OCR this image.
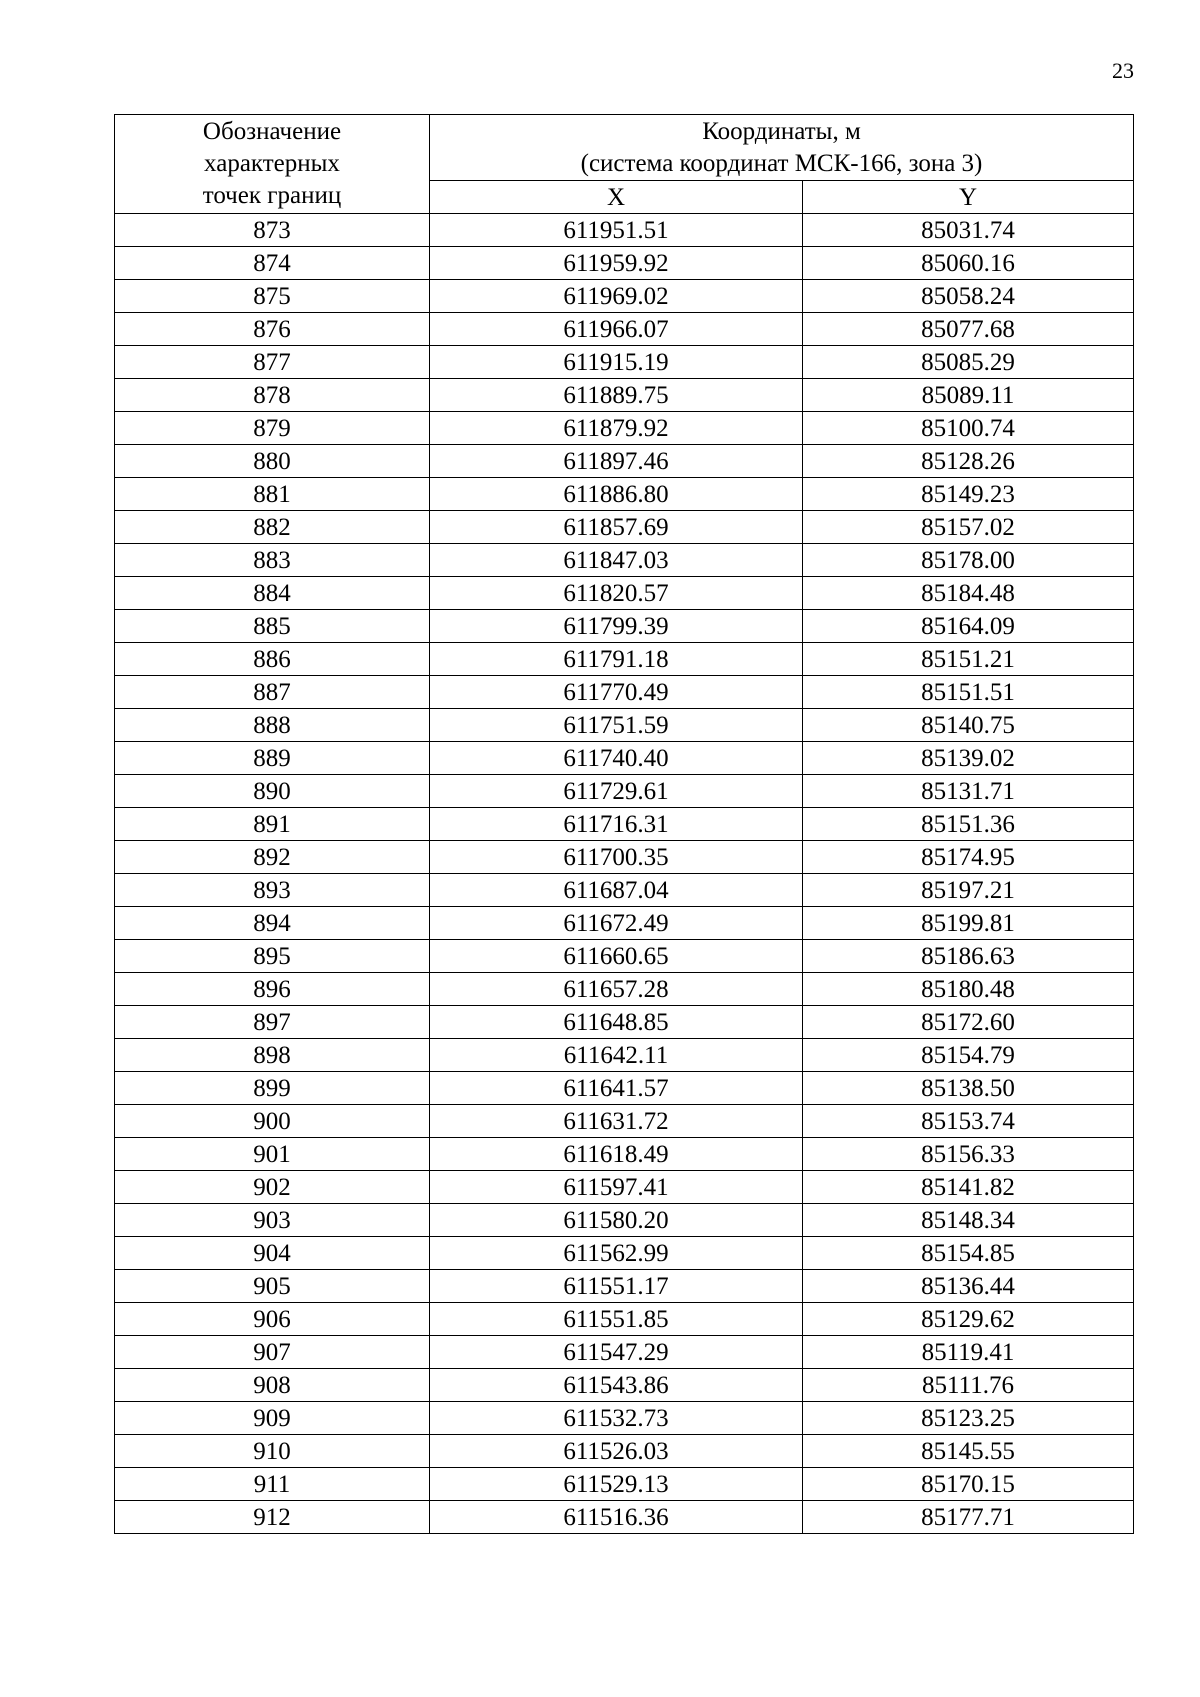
23
Обозначение
характерных
точек границ	Координаты, м
(система координат МСК-166, зона 3)	

	X	Y
873	611951.51	85031.74
874	611959.92	85060.16
875	611969.02	85058.24
876	611966.07	85077.68
877	611915.19	85085.29
878	611889.75	85089.11
879	611879.92	85100.74
880	611897.46	85128.26
881	611886.80	85149.23
882	611857.69	85157.02
883	611847.03	85178.00
884	611820.57	85184.48
885	611799.39	85164.09
886	611791.18	85151.21
887	611770.49	85151.51
888	611751.59	85140.75
889	611740.40	85139.02
890	611729.61	85131.71
891	611716.31	85151.36
892	611700.35	85174.95
893	611687.04	85197.21
894	611672.49	85199.81
895	611660.65	85186.63
896	611657.28	85180.48
897	611648.85	85172.60
898	611642.11	85154.79
899	611641.57	85138.50
900	611631.72	85153.74
901	611618.49	85156.33
902	611597.41	85141.82
903	611580.20	85148.34
904	611562.99	85154.85
905	611551.17	85136.44
906	611551.85	85129.62
907	611547.29	85119.41
908	611543.86	85111.76
909	611532.73	85123.25
910	611526.03	85145.55
911	611529.13	85170.15
912	611516.36	85177.71
